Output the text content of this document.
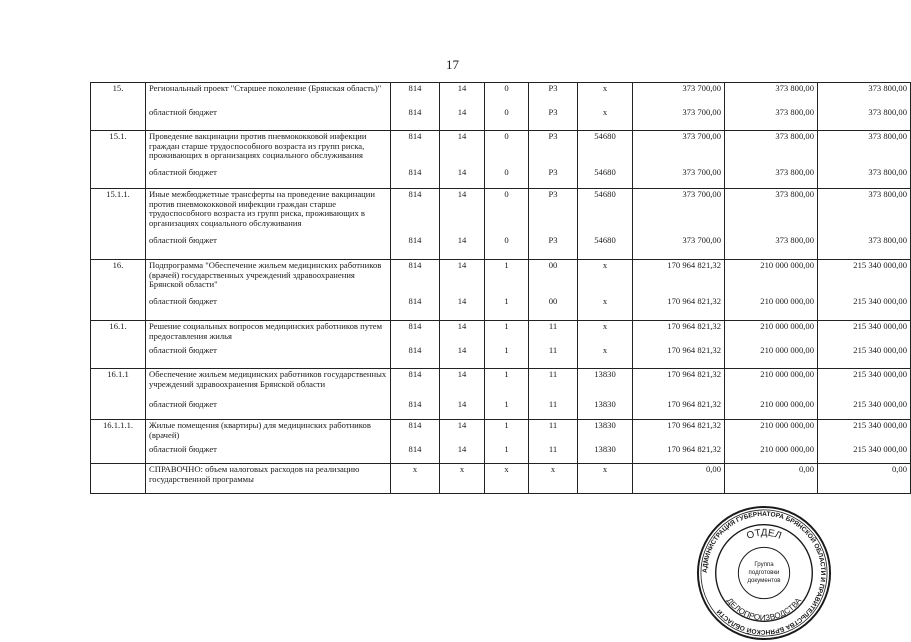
17
15.	Региональный проект "Старшее поколение (Брянская область)"	814	14	0	P3	x	373 700,00	373 800,00	373 800,00
	областной бюджет	814	14	0	P3	x	373 700,00	373 800,00	373 800,00
15.1.	Проведение вакцинации против пневмококковой инфекции граждан старше трудоспособного возраста из групп риска, проживающих в организациях социального обслуживания	814	14	0	P3	54680	373 700,00	373 800,00	373 800,00
	областной бюджет	814	14	0	P3	54680	373 700,00	373 800,00	373 800,00
15.1.1.	Иные межбюджетные трансферты на проведение вакцинации против пневмококковой инфекции граждан старше трудоспособного возраста из групп риска, проживающих в организациях социального обслуживания	814	14	0	P3	54680	373 700,00	373 800,00	373 800,00
	областной бюджет	814	14	0	P3	54680	373 700,00	373 800,00	373 800,00
16.	Подпрограмма "Обеспечение жильем медицинских работников (врачей) государственных учреждений здравоохранения Брянской области"	814	14	1	00	x	170 964 821,32	210 000 000,00	215 340 000,00
	областной бюджет	814	14	1	00	x	170 964 821,32	210 000 000,00	215 340 000,00
16.1.	Решение социальных вопросов медицинских работников путем предоставления жилья	814	14	1	11	x	170 964 821,32	210 000 000,00	215 340 000,00
	областной бюджет	814	14	1	11	x	170 964 821,32	210 000 000,00	215 340 000,00
16.1.1	Обеспечение жильем медицинских работников государственных учреждений здравоохранения Брянской области	814	14	1	11	13830	170 964 821,32	210 000 000,00	215 340 000,00
	областной бюджет	814	14	1	11	13830	170 964 821,32	210 000 000,00	215 340 000,00
16.1.1.1.	Жилые помещения (квартиры) для медицинских работников (врачей)	814	14	1	11	13830	170 964 821,32	210 000 000,00	215 340 000,00
	областной бюджет	814	14	1	11	13830	170 964 821,32	210 000 000,00	215 340 000,00
	СПРАВОЧНО: объем налоговых расходов на реализацию государственной программы	x	x	x	x	x	0,00	0,00	0,00
АДМИНИСТРАЦИЯ ГУБЕРНАТОРА БРЯНСКОЙ ОБЛАСТИ И ПРАВИТЕЛЬСТВА БРЯНСКОЙ ОБЛАСТИ
ОТДЕЛ
ДЕЛОПРОИЗВОДСТВА
Группа
подготовки
документов
